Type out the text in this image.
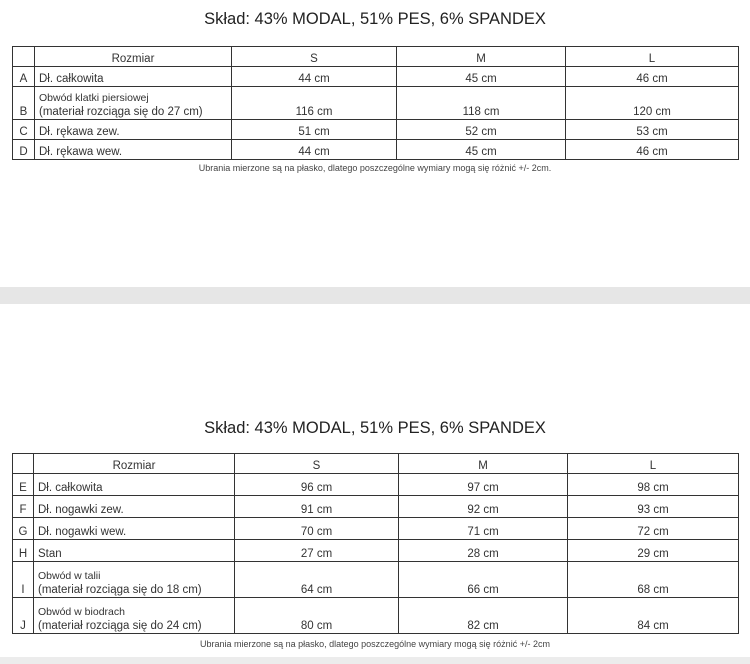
Skład: 43% MODAL, 51% PES, 6% SPANDEX
	Rozmiar	S	M	L
A	Dł. całkowita	44 cm	45 cm	46 cm
B	Obwód klatki piersiowej
(materiał rozciąga się do 27 cm)	116 cm	118 cm	120 cm
C	Dł. rękawa zew.	51 cm	52 cm	53 cm
D	Dł. rękawa wew.	44 cm	45 cm	46 cm
Ubrania mierzone są na płasko, dlatego poszczególne wymiary mogą się różnić +/- 2cm.
Skład: 43% MODAL, 51% PES, 6% SPANDEX
	Rozmiar	S	M	L
E	Dł. całkowita	96 cm	97 cm	98 cm
F	Dł. nogawki zew.	91 cm	92 cm	93 cm
G	Dł. nogawki wew.	70 cm	71 cm	72 cm
H	Stan	27 cm	28 cm	29 cm
I	Obwód w talii
(materiał rozciąga się do 18 cm)	64 cm	66 cm	68 cm
J	Obwód w biodrach
(materiał rozciąga się do 24 cm)	80 cm	82 cm	84 cm
Ubrania mierzone są na płasko, dlatego poszczególne wymiary mogą się różnić +/- 2cm
